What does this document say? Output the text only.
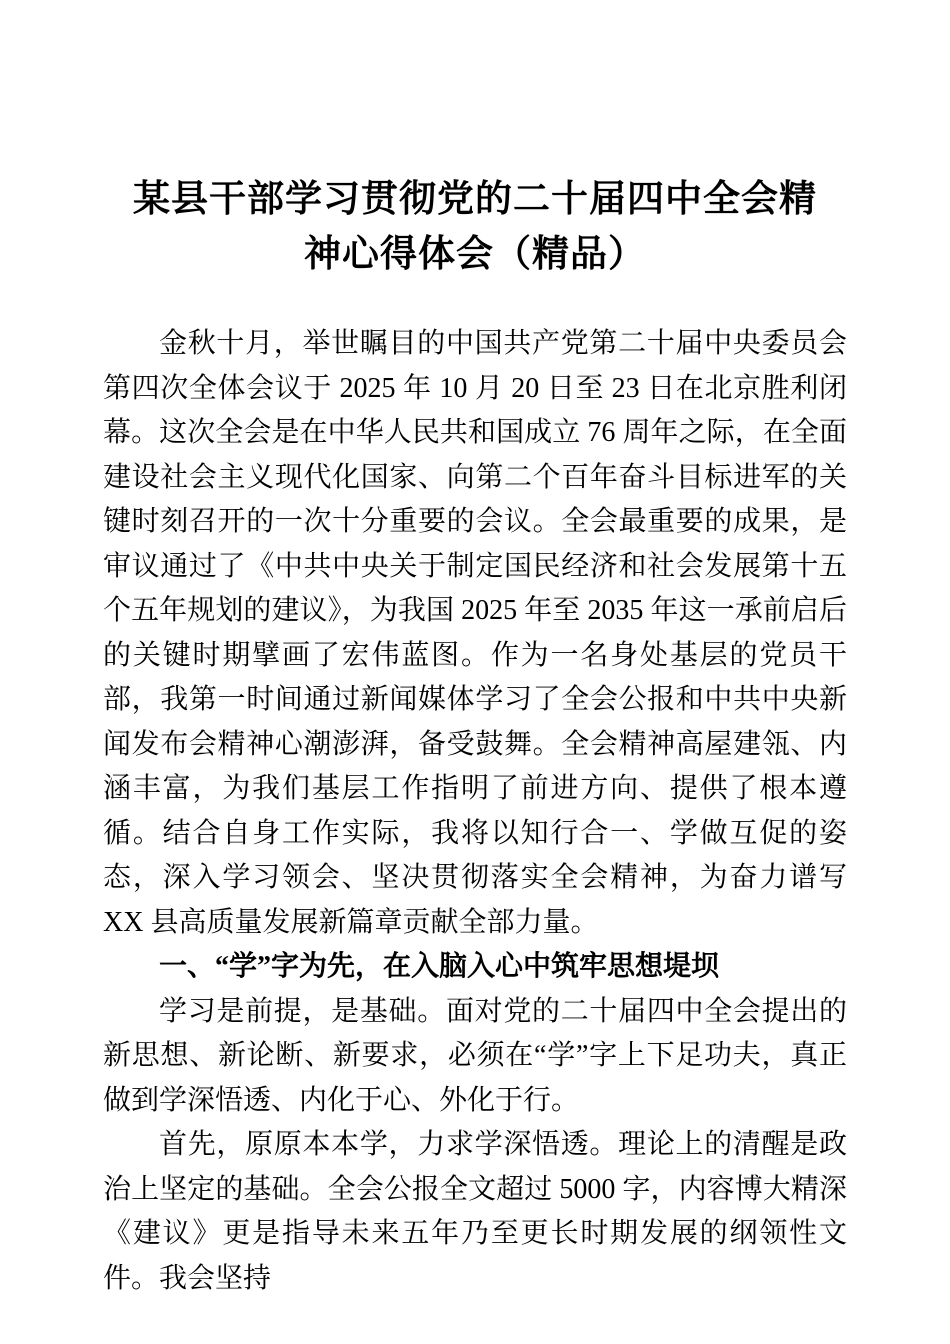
某县干部学习贯彻党的二十届四中全会精
神心得体会（精品）

金秋十月，举世瞩目的中国共产党第二十届中央委员会第四次全体会议于 2025 年 10 月 20 日至 23 日在北京胜利闭幕。这次全会是在中华人民共和国成立 76 周年之际，在全面建设社会主义现代化国家、向第二个百年奋斗目标进军的关键时刻召开的一次十分重要的会议。全会最重要的成果，是审议通过了《中共中央关于制定国民经济和社会发展第十五个五年规划的建议》，为我国 2025 年至 2035 年这一承前启后的关键时期擘画了宏伟蓝图。作为一名身处基层的党员干部，我第一时间通过新闻媒体学习了全会公报和中共中央新闻发布会精神心潮澎湃，备受鼓舞。全会精神高屋建瓴、内涵丰富，为我们基层工作指明了前进方向、提供了根本遵循。结合自身工作实际，我将以知行合一、学做互促的姿态，深入学习领会、坚决贯彻落实全会精神，为奋力谱写 XX 县高质量发展新篇章贡献全部力量。

一、“学”字为先，在入脑入心中筑牢思想堤坝

学习是前提，是基础。面对党的二十届四中全会提出的新思想、新论断、新要求，必须在“学”字上下足功夫，真正做到学深悟透、内化于心、外化于行。

首先，原原本本学，力求学深悟透。理论上的清醒是政治上坚定的基础。全会公报全文超过 5000 字，内容博大精深《建议》更是指导未来五年乃至更长时期发展的纲领性文件。我会坚持
